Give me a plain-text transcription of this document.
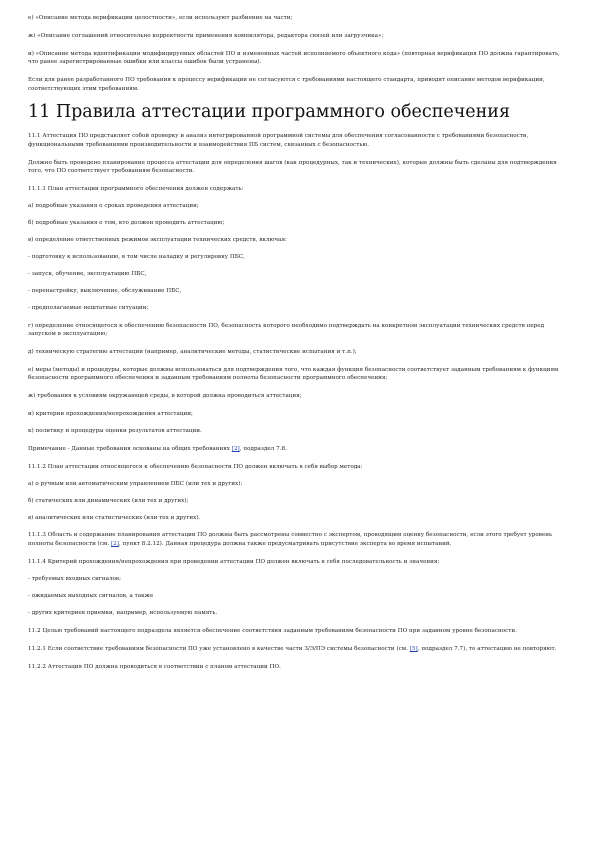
е) «Описание метода верификации целостности», если используют разбиение на части;

ж) «Описание соглашений относительно корректности применения компилятора, редактора связей или загрузчика»;

и) «Описание метода идентификации модифицируемых областей ПО и измененных частей исполняемого объектного кода» (повторная верификация ПО должна гарантировать, что ранее зарегистрированные ошибки или классы ошибок были устранены).

Если для ранее разработанного ПО требования к процессу верификации не согласуются с требованиями настоящего стандарта, приводят описание методов верификации, соответствующих этим требованиям.

11 Правила аттестации программного обеспечения

11.1 Аттестация ПО представляет собой проверку и анализ интегрированной программной системы для обеспечения согласованности с требованиями безопасности, функциональными требованиями производительности и взаимодействия ПБ систем, связанных с безопасностью.

Должно быть проведено планирование процесса аттестации для определения шагов (как процедурных, так и технических), которые должны быть сделаны для подтверждения того, что ПО соответствует требованиям безопасности.

11.1.1 План аттестации программного обеспечения должен содержать:

а) подробные указания о сроках проведения аттестации;

б) подробные указания о том, кто должен проводить аттестацию;

в) определение ответственных режимов эксплуатации технических средств, включая:

- подготовку к использованию, в том числе наладку и регулировку ПБС,

- запуск, обучение, эксплуатацию ПБС,

- перенастройку, выключение, обслуживание ПБС,

- предполагаемые нештатные ситуации;

г) определение относящегося к обеспечению безопасности ПО, безопасность которого необходимо подтверждать на конкретном эксплуатации технических средств перед запуском в эксплуатацию;

д) техническую стратегию аттестации (например, аналитические методы, статистические испытания и т.п.);

е) меры (методы) и процедуры, которые должны использоваться для подтверждения того, что каждая функция безопасности соответствует заданным требованиям к функциям безопасности программного обеспечения и заданным требованиям полноты безопасности программного обеспечения;

ж) требования к условиям окружающей среды, в которой должна проводиться аттестация;

и) критерии прохождения/непрохождения аттестации;

к) политику и процедуры оценки результатов аттестации.

Примечание - Данные требования основаны на общих требованиях [2], подраздел 7.8.

11.1.2 План аттестации относящегося к обеспечению безопасности ПО должен включать в себя выбор метода:

а) о ручным или автоматическим управлением ПБС (или тех и других);

б) статических или динамических (или тех и других);

в) аналитических или статистических (или тех и других).

11.1.3 Область и содержание планирования аттестации ПО должны быть рассмотрены совместно с экспертом, проводящим оценку безопасности, если этого требует уровень полноты безопасности (см. [2], пункт 8.2.12). Данная процедура должна также предусматривать присутствие эксперта во время испытаний.

11.1.4 Критерий прохождения/непрохождения при проведении аттестации ПО должен включать в себя последовательность и значения:

- требуемых входных сигналов;

- ожидаемых выходных сигналов, а также

- других критериев приемки, например, используемую память.

11.2 Целью требований настоящего подраздела является обеспечение соответствия заданным требованиям безопасности ПО при заданном уровне безопасности.

11.2.1 Если соответствие требованиям безопасности ПО уже установлено в качестве части З/Э/ПЭ системы безопасности (см. [5], подраздел 7.7), то аттестацию не повторяют.

11.2.2 Аттестация ПО должна проводиться в соответствии с планом аттестации ПО.
